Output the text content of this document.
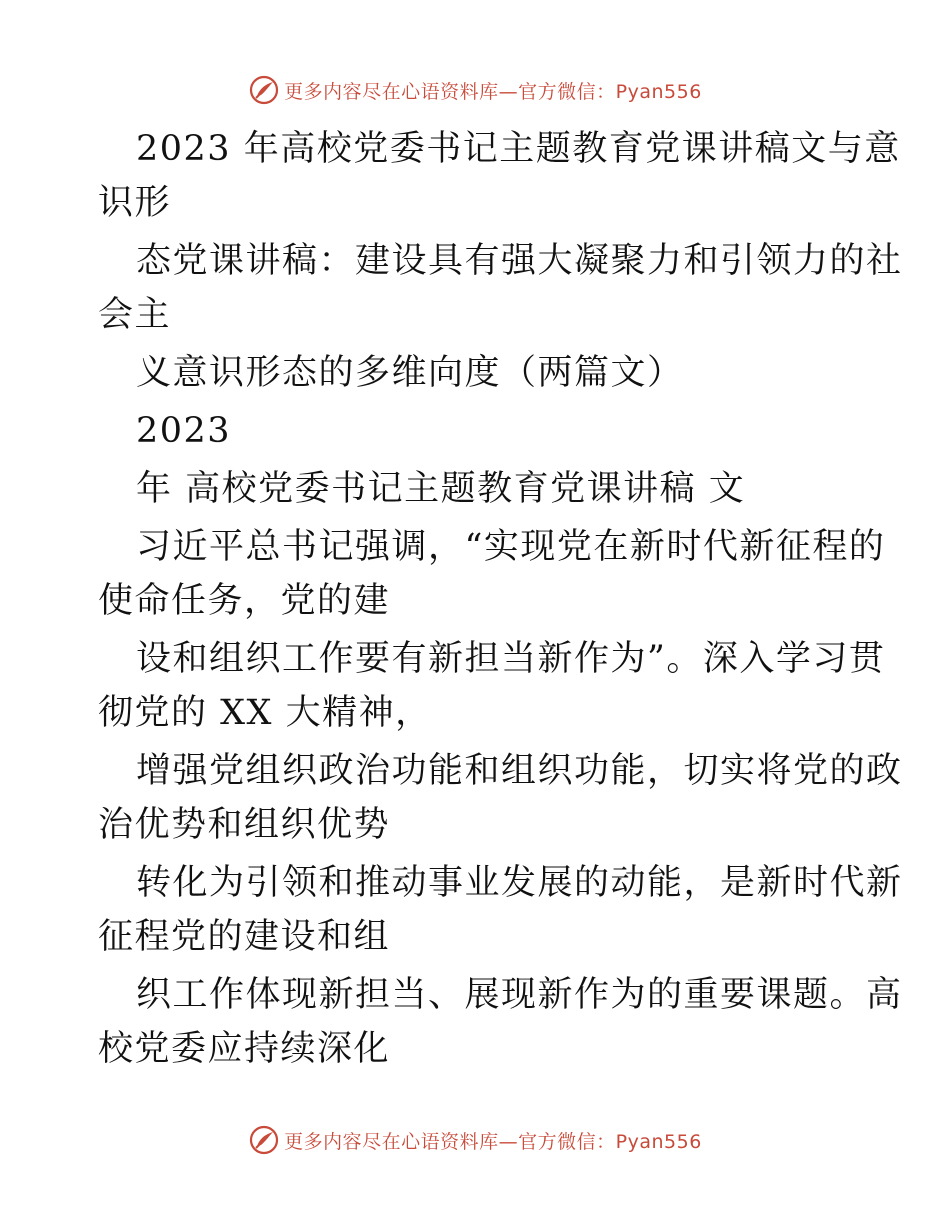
更多内容尽在心语资料库—官方微信：Pyan556
2023 年高校党委书记主题教育党课讲稿文与意
识形
态党课讲稿：建设具有强大凝聚力和引领力的社
会主
义意识形态的多维向度（两篇文）
2023
年 高校党委书记主题教育党课讲稿 文
习近平总书记强调，“实现党在新时代新征程的
使命任务，党的建
设和组织工作要有新担当新作为”。深入学习贯
彻党的 XX 大精神，
增强党组织政治功能和组织功能，切实将党的政
治优势和组织优势
转化为引领和推动事业发展的动能，是新时代新
征程党的建设和组
织工作体现新担当、展现新作为的重要课题。高
校党委应持续深化
更多内容尽在心语资料库—官方微信：Pyan556
